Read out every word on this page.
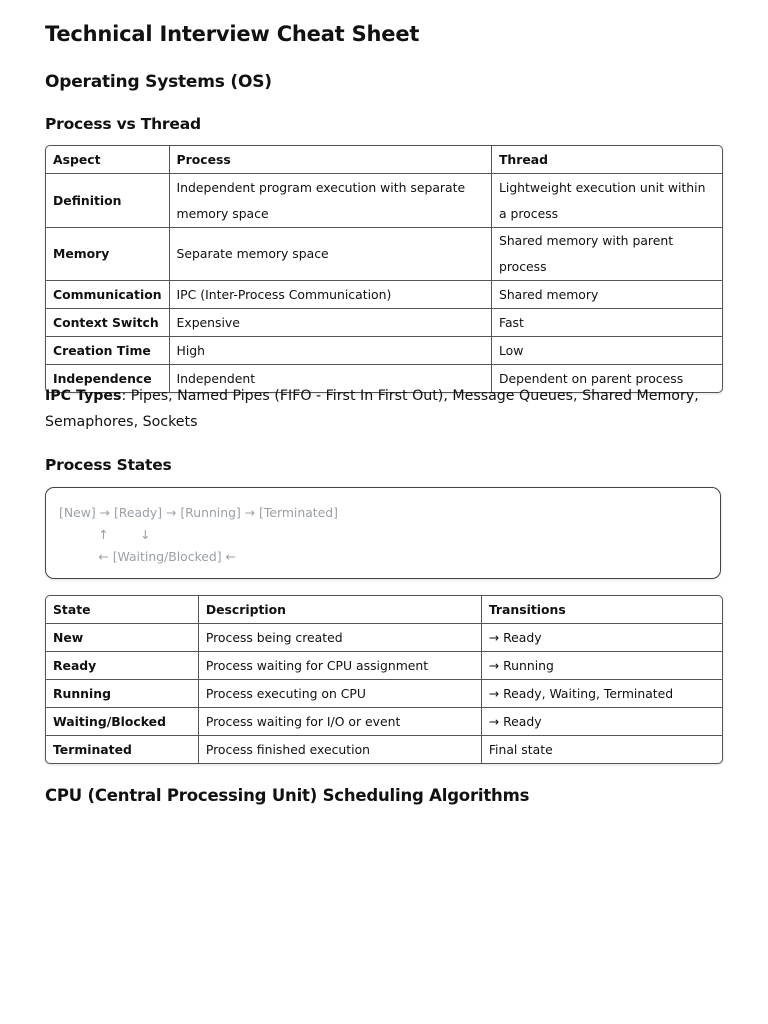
Technical Interview Cheat Sheet
Operating Systems (OS)
Process vs Thread
Aspect	Process	Thread
Definition	Independent program execution with separate memory space	Lightweight execution unit within a process
Memory	Separate memory space	Shared memory with parent process
Communication	IPC (Inter-Process Communication)	Shared memory
Context Switch	Expensive	Fast
Creation Time	High	Low
Independence	Independent	Dependent on parent process

IPC Types: Pipes, Named Pipes (FIFO - First In First Out), Message Queues, Shared Memory, Semaphores, Sockets

Process States
[New] → [Ready] → [Running] → [Terminated]
↑        ↓
← [Waiting/Blocked] ←
State	Description	Transitions
New	Process being created	→ Ready
Ready	Process waiting for CPU assignment	→ Running
Running	Process executing on CPU	→ Ready, Waiting, Terminated
Waiting/Blocked	Process waiting for I/O or event	→ Ready
Terminated	Process finished execution	Final state
CPU (Central Processing Unit) Scheduling Algorithms
